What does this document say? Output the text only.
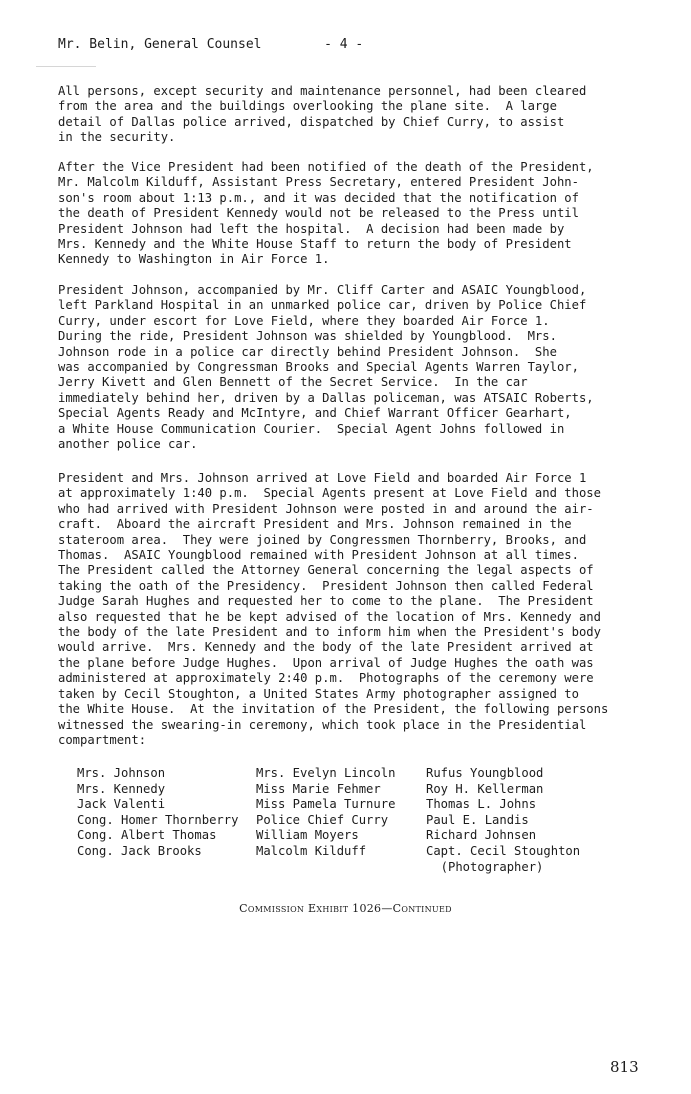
Mr. Belin, General Counsel	- 4 -
All persons, except security and maintenance personnel, had been cleared
from the area and the buildings overlooking the plane site.  A large
detail of Dallas police arrived, dispatched by Chief Curry, to assist
in the security.
After the Vice President had been notified of the death of the President,
Mr. Malcolm Kilduff, Assistant Press Secretary, entered President John-
son's room about 1:13 p.m., and it was decided that the notification of
the death of President Kennedy would not be released to the Press until
President Johnson had left the hospital.  A decision had been made by
Mrs. Kennedy and the White House Staff to return the body of President
Kennedy to Washington in Air Force 1.
President Johnson, accompanied by Mr. Cliff Carter and ASAIC Youngblood,
left Parkland Hospital in an unmarked police car, driven by Police Chief
Curry, under escort for Love Field, where they boarded Air Force 1.
During the ride, President Johnson was shielded by Youngblood.  Mrs.
Johnson rode in a police car directly behind President Johnson.  She
was accompanied by Congressman Brooks and Special Agents Warren Taylor,
Jerry Kivett and Glen Bennett of the Secret Service.  In the car
immediately behind her, driven by a Dallas policeman, was ATSAIC Roberts,
Special Agents Ready and McIntyre, and Chief Warrant Officer Gearhart,
a White House Communication Courier.  Special Agent Johns followed in
another police car.
President and Mrs. Johnson arrived at Love Field and boarded Air Force 1
at approximately 1:40 p.m.  Special Agents present at Love Field and those
who had arrived with President Johnson were posted in and around the air-
craft.  Aboard the aircraft President and Mrs. Johnson remained in the
stateroom area.  They were joined by Congressmen Thornberry, Brooks, and
Thomas.  ASAIC Youngblood remained with President Johnson at all times.
The President called the Attorney General concerning the legal aspects of
taking the oath of the Presidency.  President Johnson then called Federal
Judge Sarah Hughes and requested her to come to the plane.  The President
also requested that he be kept advised of the location of Mrs. Kennedy and
the body of the late President and to inform him when the President's body
would arrive.  Mrs. Kennedy and the body of the late President arrived at
the plane before Judge Hughes.  Upon arrival of Judge Hughes the oath was
administered at approximately 2:40 p.m.  Photographs of the ceremony were
taken by Cecil Stoughton, a United States Army photographer assigned to
the White House.  At the invitation of the President, the following persons
witnessed the swearing-in ceremony, which took place in the Presidential
compartment:
Mrs. Johnson
Mrs. Kennedy
Jack Valenti
Cong. Homer Thornberry
Cong. Albert Thomas
Cong. Jack Brooks
Mrs. Evelyn Lincoln
Miss Marie Fehmer
Miss Pamela Turnure
Police Chief Curry
William Moyers
Malcolm Kilduff
Rufus Youngblood
Roy H. Kellerman
Thomas L. Johns
Paul E. Landis
Richard Johnsen
Capt. Cecil Stoughton
(Photographer)
Commission Exhibit 1026—Continued
813
